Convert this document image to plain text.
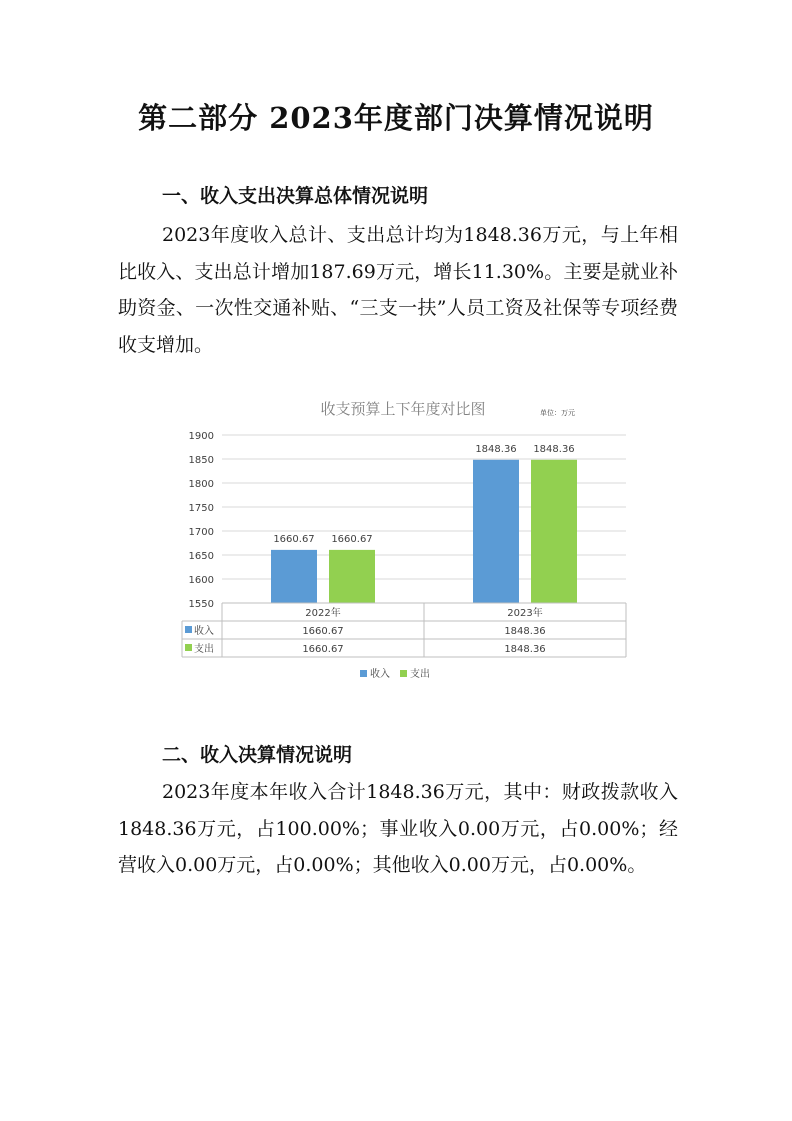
第二部分 2023年度部门决算情况说明
一、收入支出决算总体情况说明
2023年度收入总计、支出总计均为1848.36万元，与上年相比收入、支出总计增加187.69万元，增长11.30%。主要是就业补助资金、一次性交通补贴、“三支一扶”人员工资及社保等专项经费收支增加。
收支预算上下年度对比图	单位：万元
1550
1600
1650
1700
1750
1800
1850
1900
1660.67 1660.67
1848.36 1848.36
2022年	2023年
收入	1660.67	1848.36
支出	1660.67	1848.36
收入 支出
二、收入决算情况说明
2023年度本年收入合计1848.36万元，其中：财政拨款收入1848.36万元，占100.00%；事业收入0.00万元，占0.00%；经营收入0.00万元，占0.00%；其他收入0.00万元，占0.00%。
